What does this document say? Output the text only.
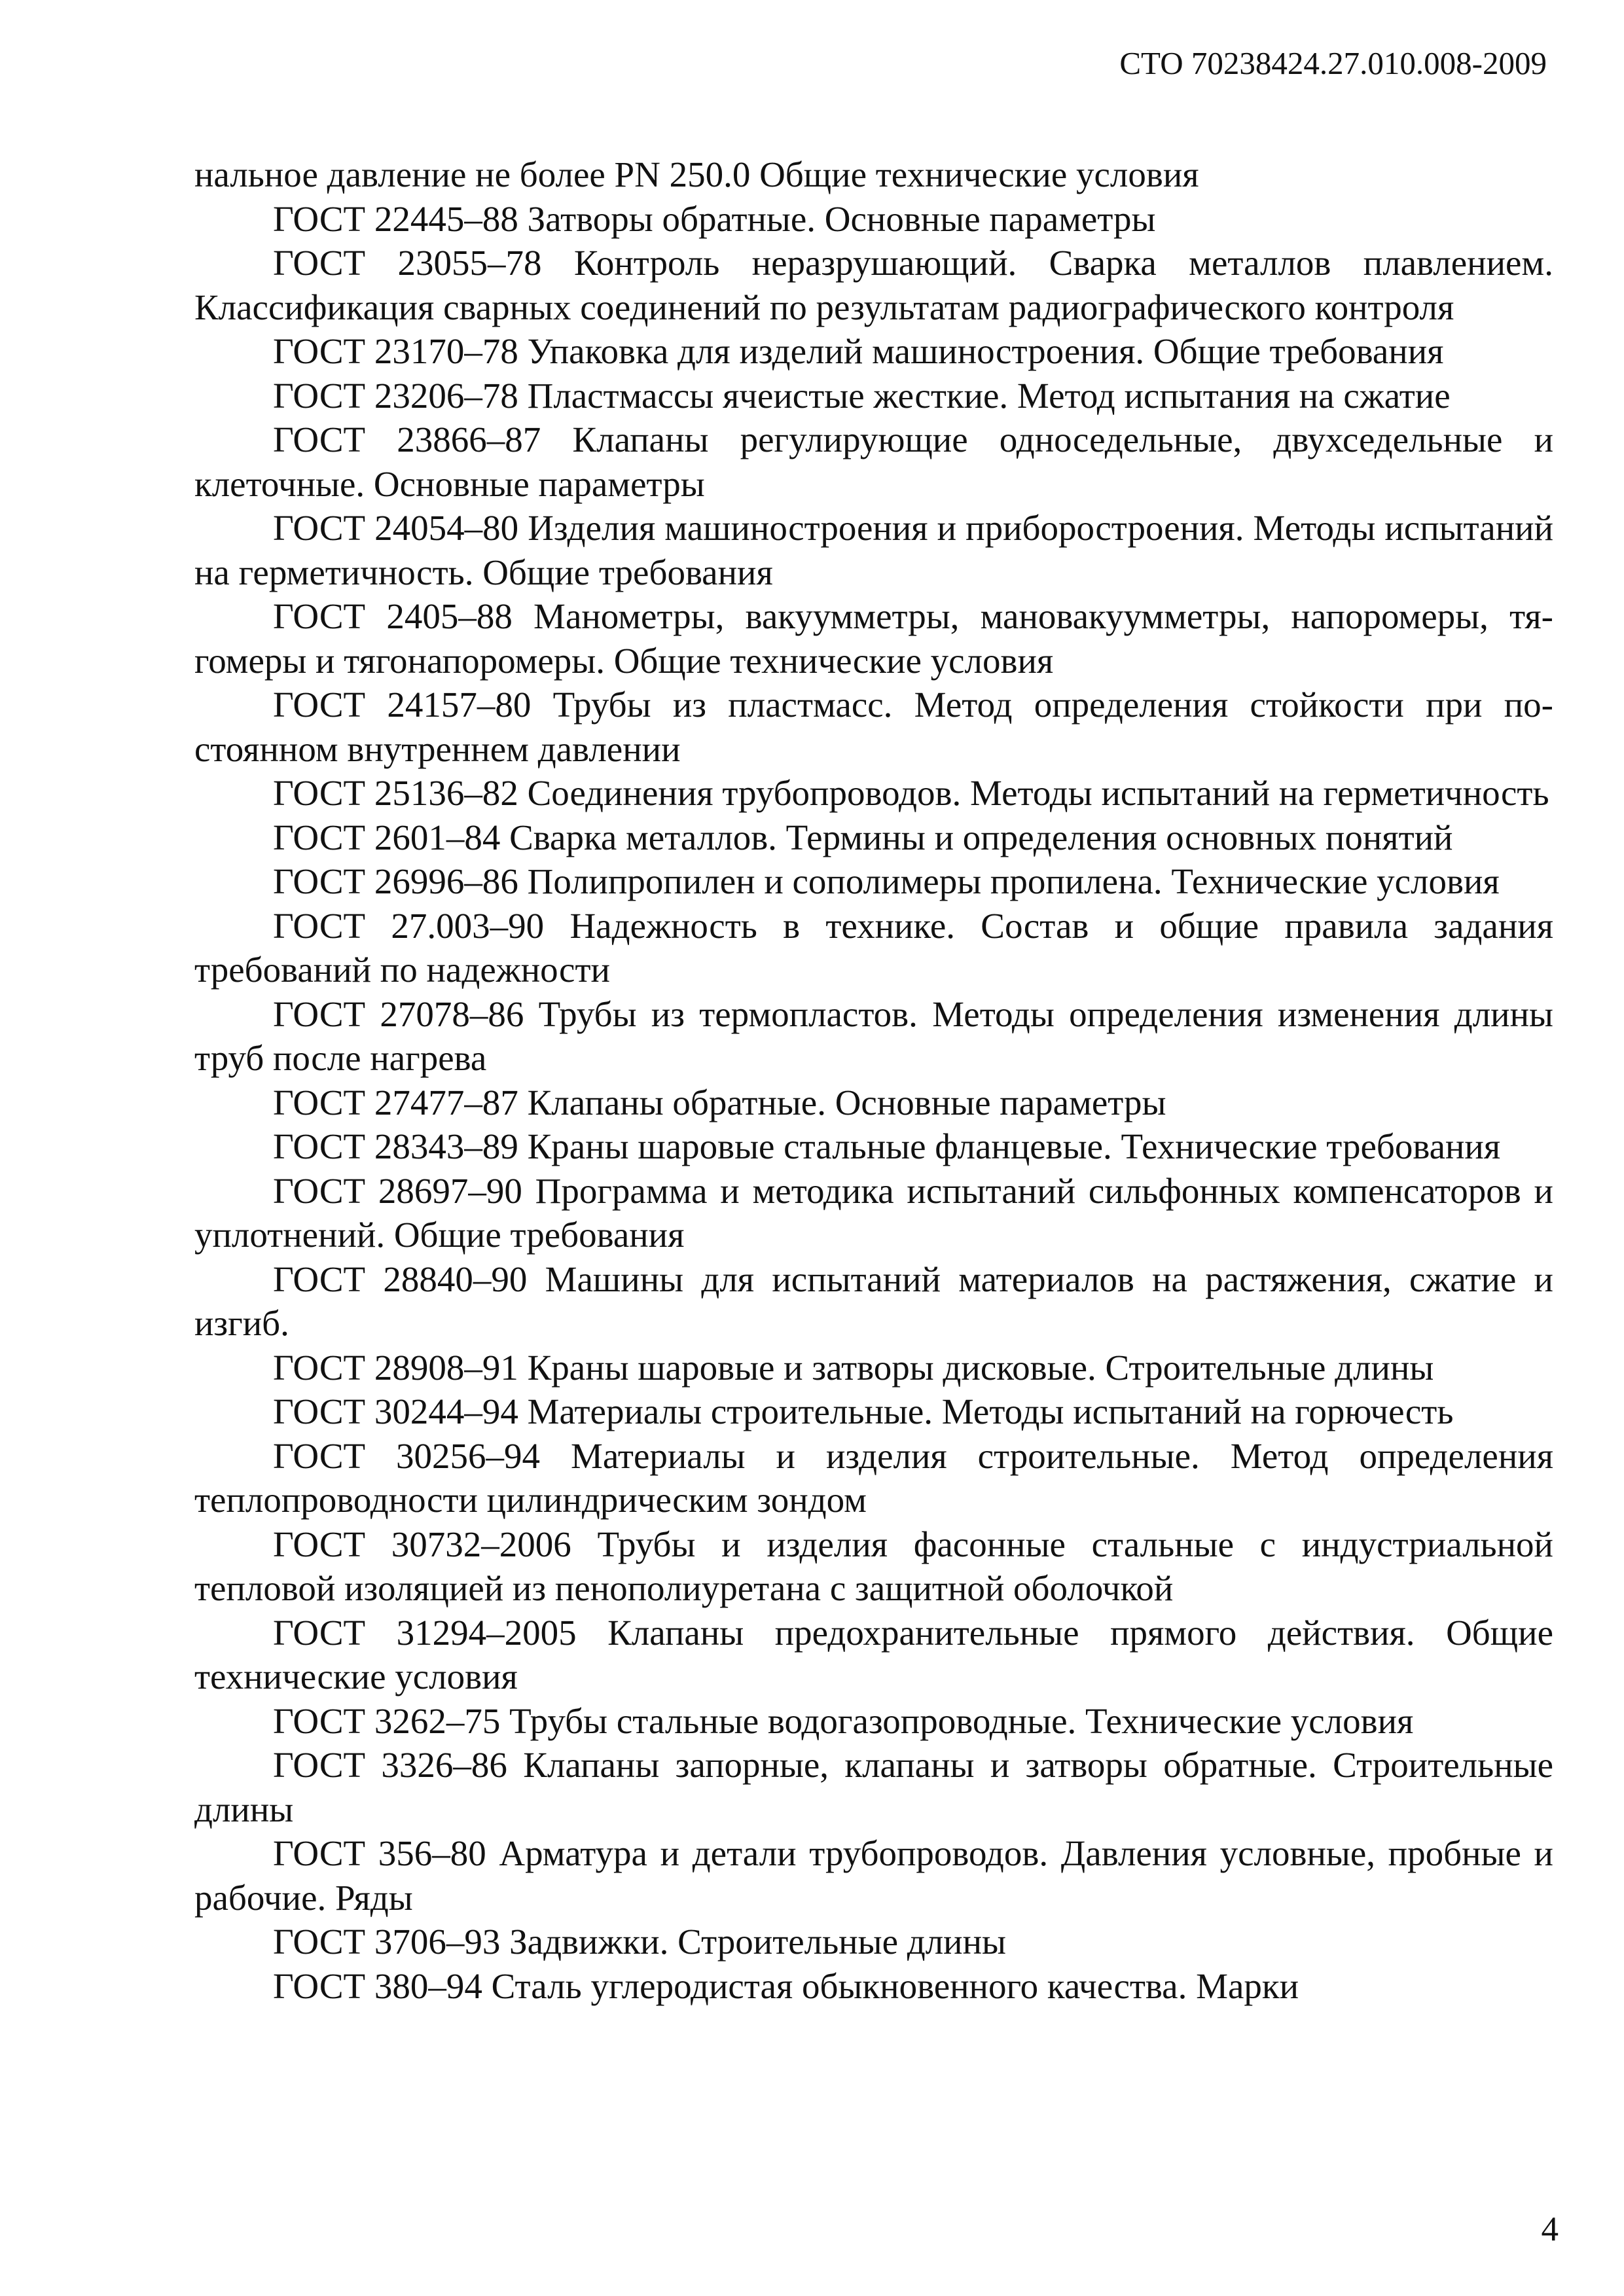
СТО 70238424.27.010.008-2009

нальное давление не более PN 250.0 Общие технические условия

ГОСТ 22445–88 Затворы обратные. Основные параметры

ГОСТ 23055–78 Контроль неразрушающий. Сварка металлов плавлением. Классификация сварных соединений по результатам радиографического контроля

ГОСТ 23170–78 Упаковка для изделий машиностроения. Общие требования

ГОСТ 23206–78 Пластмассы ячеистые жесткие. Метод испытания на сжатие

ГОСТ 23866–87 Клапаны регулирующие односедельные, двухседельные и клеточные. Основные параметры

ГОСТ 24054–80 Изделия машиностроения и приборостроения. Методы испытаний на герметичность. Общие требования

ГОСТ 2405–88 Манометры, вакуумметры, мановакуумметры, напоромеры, тягомеры и тягонапоромеры. Общие технические условия

ГОСТ 24157–80 Трубы из пластмасс. Метод определения стойкости при постоянном внутреннем давлении

ГОСТ 25136–82 Соединения трубопроводов. Методы испытаний на герметичность

ГОСТ 2601–84 Сварка металлов. Термины и определения основных понятий

ГОСТ 26996–86 Полипропилен и сополимеры пропилена. Технические условия

ГОСТ 27.003–90 Надежность в технике. Состав и общие правила задания требований по надежности

ГОСТ 27078–86 Трубы из термопластов. Методы определения изменения длины труб после нагрева

ГОСТ 27477–87 Клапаны обратные. Основные параметры

ГОСТ 28343–89 Краны шаровые стальные фланцевые. Технические требования

ГОСТ 28697–90 Программа и методика испытаний сильфонных компенсаторов и уплотнений. Общие требования

ГОСТ 28840–90 Машины для испытаний материалов на растяжения, сжатие и изгиб.

ГОСТ 28908–91 Краны шаровые и затворы дисковые. Строительные длины

ГОСТ 30244–94 Материалы строительные. Методы испытаний на горючесть

ГОСТ 30256–94 Материалы и изделия строительные. Метод определения теплопроводности цилиндрическим зондом

ГОСТ 30732–2006 Трубы и изделия фасонные стальные с индустриальной тепловой изоляцией из пенополиуретана с защитной оболочкой

ГОСТ 31294–2005 Клапаны предохранительные прямого действия. Общие технические условия

ГОСТ 3262–75 Трубы стальные водогазопроводные. Технические условия

ГОСТ 3326–86 Клапаны запорные, клапаны и затворы обратные. Строительные длины

ГОСТ 356–80 Арматура и детали трубопроводов. Давления условные, пробные и рабочие. Ряды

ГОСТ 3706–93 Задвижки. Строительные длины

ГОСТ 380–94 Сталь углеродистая обыкновенного качества. Марки

4
